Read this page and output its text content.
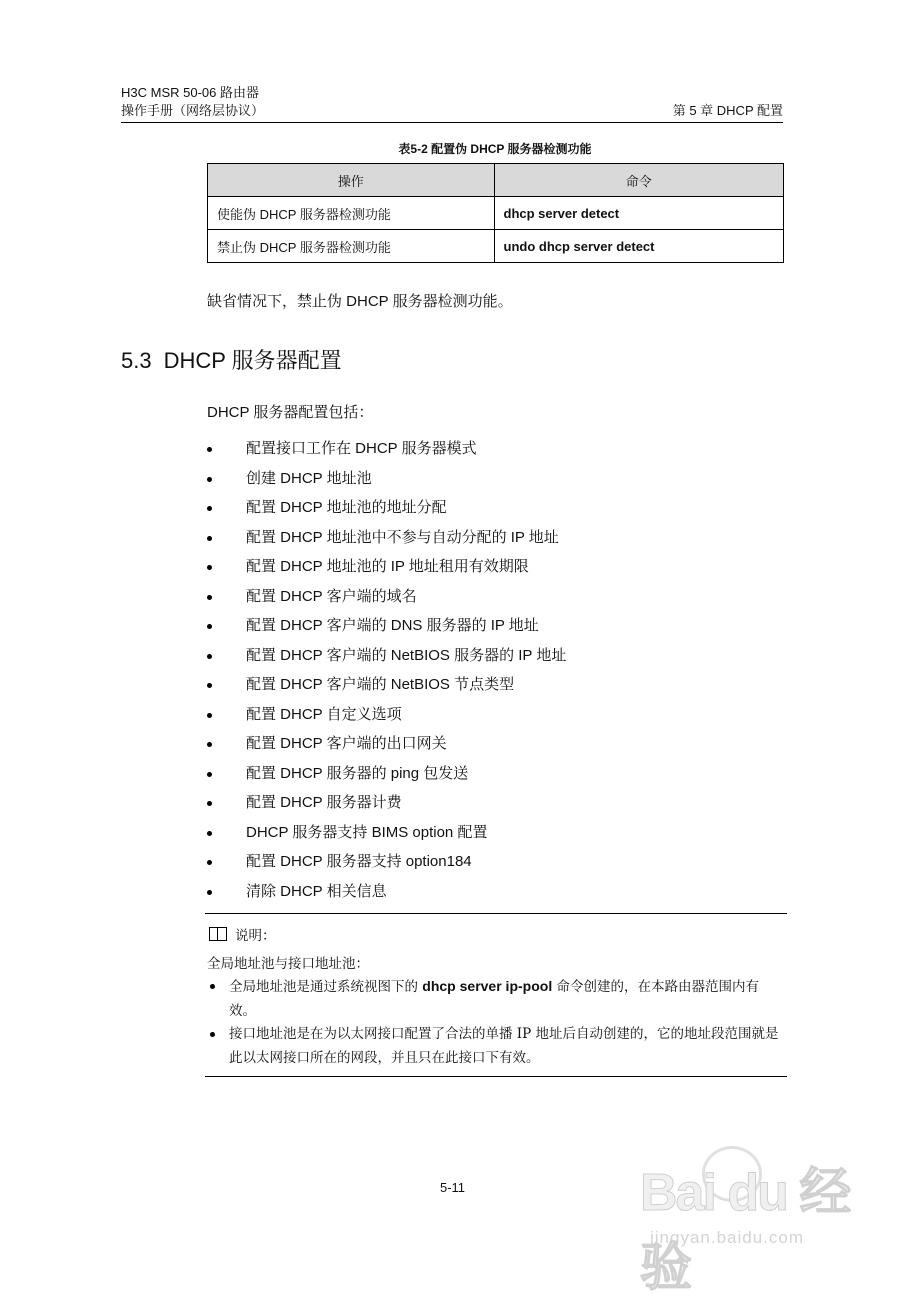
H3C MSR 50-06 路由器
操作手册（网络层协议）	第 5 章 DHCP 配置
表5-2 配置伪 DHCP 服务器检测功能
操作	命令
使能伪 DHCP 服务器检测功能	dhcp server detect
禁止伪 DHCP 服务器检测功能	undo dhcp server detect
缺省情况下，禁止伪 DHCP 服务器检测功能。
5.3 DHCP 服务器配置
DHCP 服务器配置包括：
配置接口工作在 DHCP 服务器模式
创建 DHCP 地址池
配置 DHCP 地址池的地址分配
配置 DHCP 地址池中不参与自动分配的 IP 地址
配置 DHCP 地址池的 IP 地址租用有效期限
配置 DHCP 客户端的域名
配置 DHCP 客户端的 DNS 服务器的 IP 地址
配置 DHCP 客户端的 NetBIOS 服务器的 IP 地址
配置 DHCP 客户端的 NetBIOS 节点类型
配置 DHCP 自定义选项
配置 DHCP 客户端的出口网关
配置 DHCP 服务器的 ping 包发送
配置 DHCP 服务器计费
DHCP 服务器支持 BIMS option 配置
配置 DHCP 服务器支持 option184
清除 DHCP 相关信息
说明：
全局地址池与接口地址池：
全局地址池是通过系统视图下的 dhcp server ip-pool 命令创建的，在本路由器范围内有效。
接口地址池是在为以太网接口配置了合法的单播 IP 地址后自动创建的，它的地址段范围就是此以太网接口所在的网段，并且只在此接口下有效。
5-11	Bai du 经验
jingyan.baidu.com
